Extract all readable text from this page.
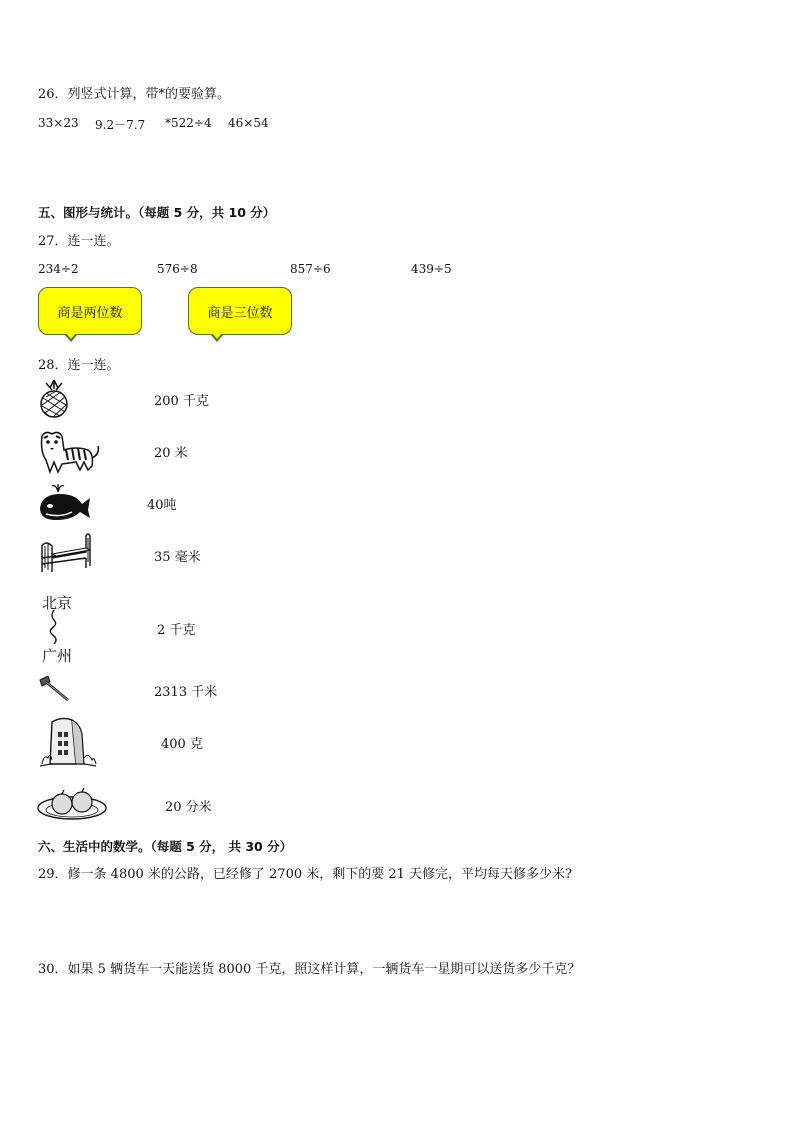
26．列竖式计算，带*的要验算。
33×23 9.2－7.7 *522÷4 46×54
五、图形与统计。（每题 5 分，共 10 分）
27．连一连。
234÷2	576÷8	857÷6	439÷5
商是两位数	商是三位数
28．连一连。
200 千克
20 米
40吨
35 毫米
北京
广州
2 千克
2313 千米
400 克
20 分米
六、生活中的数学。（每题 5 分， 共 30 分）
29．修一条 4800 米的公路，已经修了 2700 米，剩下的要 21 天修完，平均每天修多少米?
30．如果 5 辆货车一天能送货 8000 千克，照这样计算，一辆货车一星期可以送货多少千克？
